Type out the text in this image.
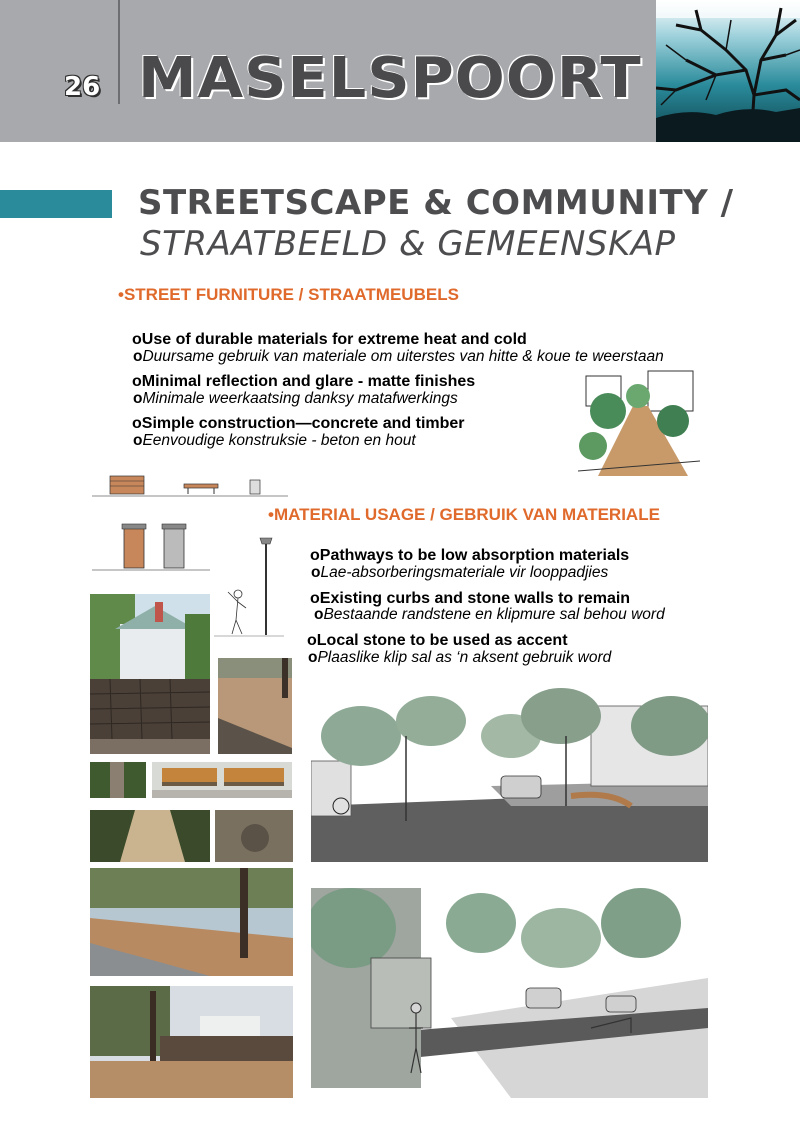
26 MASELSPOORT
STREETSCAPE & COMMUNITY /
STRAATBEELD & GEMEENSKAP
•STREET FURNITURE / STRAATMEUBELS
oUse of durable materials for extreme heat and cold
oDuursame gebruik van materiale om uiterstes van hitte & koue te weerstaan
oMinimal reflection and glare - matte finishes
oMinimale weerkaatsing danksy matafwerkings
oSimple construction—concrete and timber
oEenvoudige konstruksie - beton en hout
•MATERIAL USAGE / GEBRUIK VAN MATERIALE
oPathways to be low absorption materials
oLae-absorberingsmateriale vir looppadjies
oExisting curbs and stone walls to remain
oBestaande randstene en klipmure sal behou word
oLocal stone to be used as accent
oPlaaslike klip sal as ‘n aksent gebruik word
